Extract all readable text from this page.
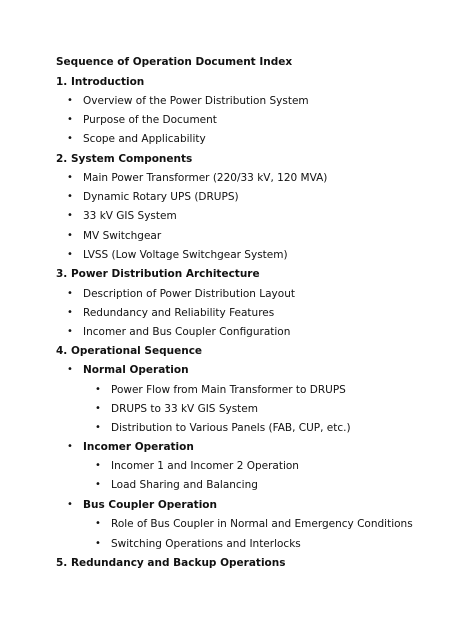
Sequence of Operation Document Index
1. Introduction
• Overview of the Power Distribution System
• Purpose of the Document
• Scope and Applicability
2. System Components
• Main Power Transformer (220/33 kV, 120 MVA)
• Dynamic Rotary UPS (DRUPS)
• 33 kV GIS System
• MV Switchgear
• LVSS (Low Voltage Switchgear System)
3. Power Distribution Architecture
• Description of Power Distribution Layout
• Redundancy and Reliability Features
• Incomer and Bus Coupler Configuration
4. Operational Sequence
• Normal Operation
• Power Flow from Main Transformer to DRUPS
• DRUPS to 33 kV GIS System
• Distribution to Various Panels (FAB, CUP, etc.)
• Incomer Operation
• Incomer 1 and Incomer 2 Operation
• Load Sharing and Balancing
• Bus Coupler Operation
• Role of Bus Coupler in Normal and Emergency Conditions
• Switching Operations and Interlocks
5. Redundancy and Backup Operations
